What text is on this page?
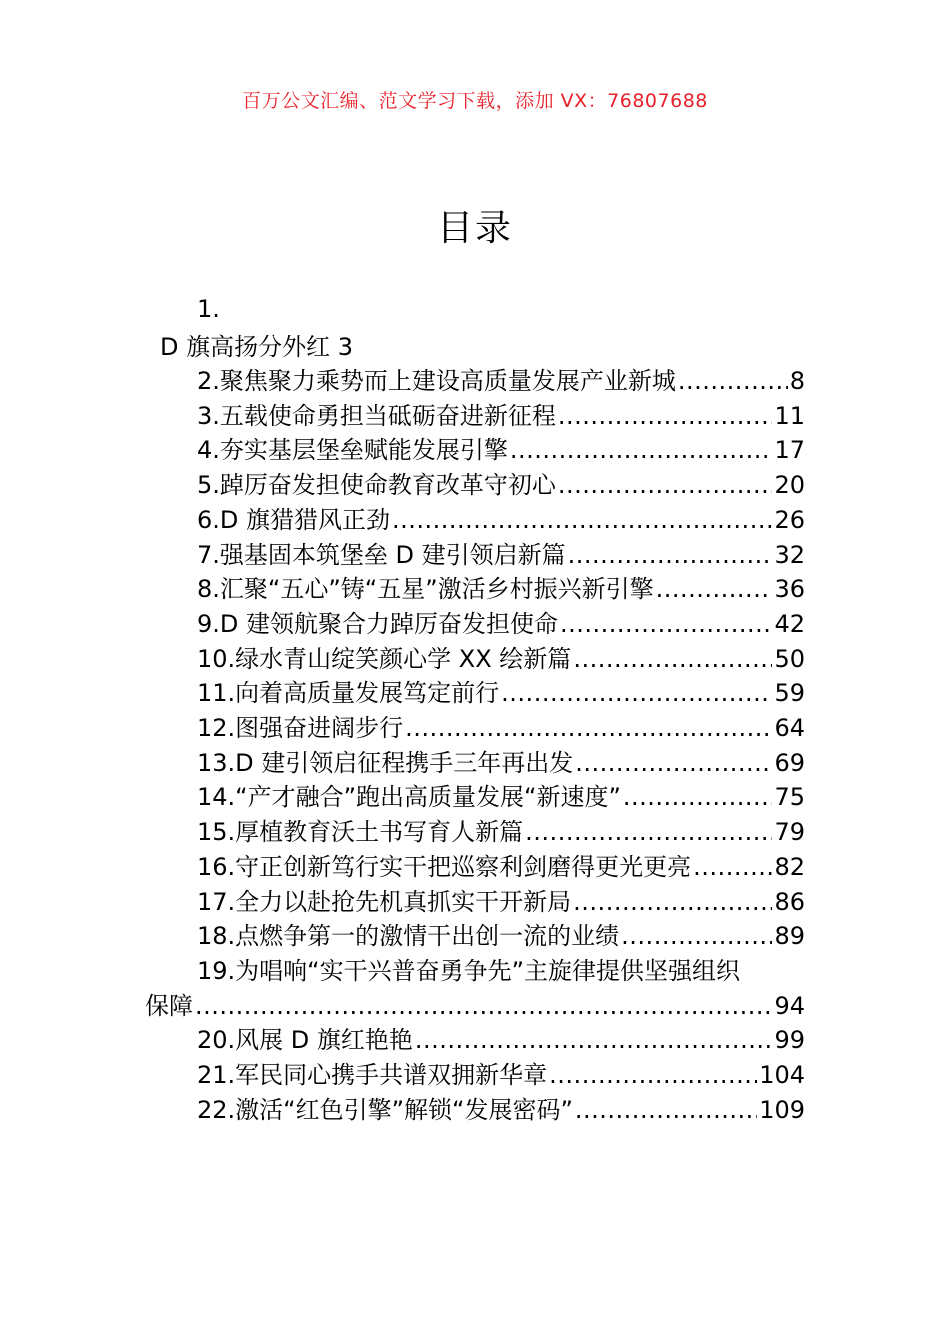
百万公文汇编、范文学习下载，添加 VX：76807688
目录
1.
D 旗高扬分外红 3
2.聚焦聚力乘势而上建设高质量发展产业新城 .....	8
3.五载使命勇担当砥砺奋进新征程 .....	11
4.夯实基层堡垒赋能发展引擎 .....	17
5.踔厉奋发担使命教育改革守初心 .....	20
6.D 旗猎猎风正劲 .....	26
7.强基固本筑堡垒 D 建引领启新篇 .....	32
8.汇聚“五心”铸“五星”激活乡村振兴新引擎 .....	36
9.D 建领航聚合力踔厉奋发担使命 .....	42
10.绿水青山绽笑颜心学 XX 绘新篇 .....	50
11.向着高质量发展笃定前行 .....	59
12.图强奋进阔步行 .....	64
13.D 建引领启征程携手三年再出发 .....	69
14.“产才融合”跑出高质量发展“新速度” .....	75
15.厚植教育沃土书写育人新篇 .....	79
16.守正创新笃行实干把巡察利剑磨得更光更亮 .....	82
17.全力以赴抢先机真抓实干开新局 .....	86
18.点燃争第一的激情干出创一流的业绩 .....	89
19.为唱响“实干兴普奋勇争先”主旋律提供坚强组织
保障 .....	94
20.风展 D 旗红艳艳 .....	99
21.军民同心携手共谱双拥新华章 .....	104
22.激活“红色引擎”解锁“发展密码” .....	109
